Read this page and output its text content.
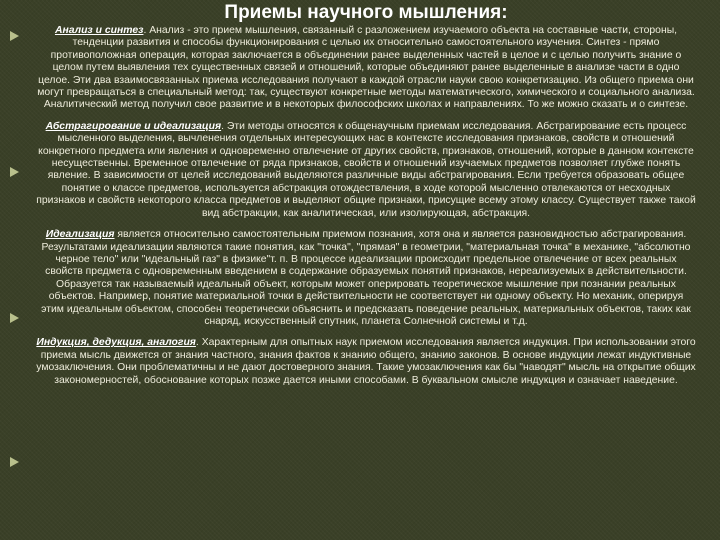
Приемы научного мышления:

Анализ и синтез. Анализ - это прием мышления, связанный с разложением изучаемого объекта на составные части, стороны, тенденции развития и способы функционирования с целью их относительно самостоятельного изучения. Синтез - прямо противоположная операция, которая заключается в объединении ранее выделенных частей в целое и с целью получить знание о целом путем выявления тех существенных связей и отношений, которые объединяют ранее выделенные в анализе части в одно целое. Эти два взаимосвязанных приема исследования получают в каждой отрасли науки свою конкретизацию. Из общего приема они могут превращаться в специальный метод: так, существуют конкретные методы математического, химического и социального анализа. Аналитический метод получил свое развитие и в некоторых философских школах и направлениях. То же можно сказать и о синтезе.

Абстрагирование и идеализация. Эти методы относятся к общенаучным приемам исследования. Абстрагирование есть процесс мысленного выделения, вычленения отдельных интересующих нас в контексте исследования признаков, свойств и отношений конкретного предмета или явления и одновременно отвлечение от других свойств, признаков, отношений, которые в данном контексте несущественны. Временное отвлечение от ряда признаков, свойств и отношений изучаемых предметов позволяет глубже понять явление. В зависимости от целей исследований выделяются различные виды абстрагирования. Если требуется образовать общее понятие о классе предметов, используется абстракция отождествления, в ходе которой мысленно отвлекаются от несходных признаков и свойств некоторого класса предметов и выделяют общие признаки, присущие всему этому классу. Существует также такой вид абстракции, как аналитическая, или изолирующая, абстракция.

Идеализация является относительно самостоятельным приемом познания, хотя она и является разновидностью абстрагирования. Результатами идеализации являются такие понятия, как "точка", "прямая" в геометрии, "материальная точка" в механике, "абсолютно черное тело" или "идеальный газ" в физике"т. п. В процессе идеализации происходит предельное отвлечение от всех реальных свойств предмета с одновременным введением в содержание образуемых понятий признаков, нереализуемых в действительности. Образуется так называемый идеальный объект, которым может оперировать теоретическое мышление при познании реальных объектов. Например, понятие материальной точки в действительности не соответствует ни одному объекту. Но механик, оперируя этим идеальным объектом, способен теоретически объяснить и предсказать поведение реальных, материальных объектов, таких как снаряд, искусственный спутник, планета Солнечной системы и т.д.

Индукция, дедукция, аналогия. Характерным для опытных наук приемом исследования является индукция. При использовании этого приема мысль движется от знания частного, знания фактов к знанию общего, знанию законов. В основе индукции лежат индуктивные умозаключения. Они проблематичны и не дают достоверного знания. Такие умозаключения как бы "наводят" мысль на открытие общих закономерностей, обоснование которых позже дается иными способами. В буквальном смысле индукция и означает наведение.
